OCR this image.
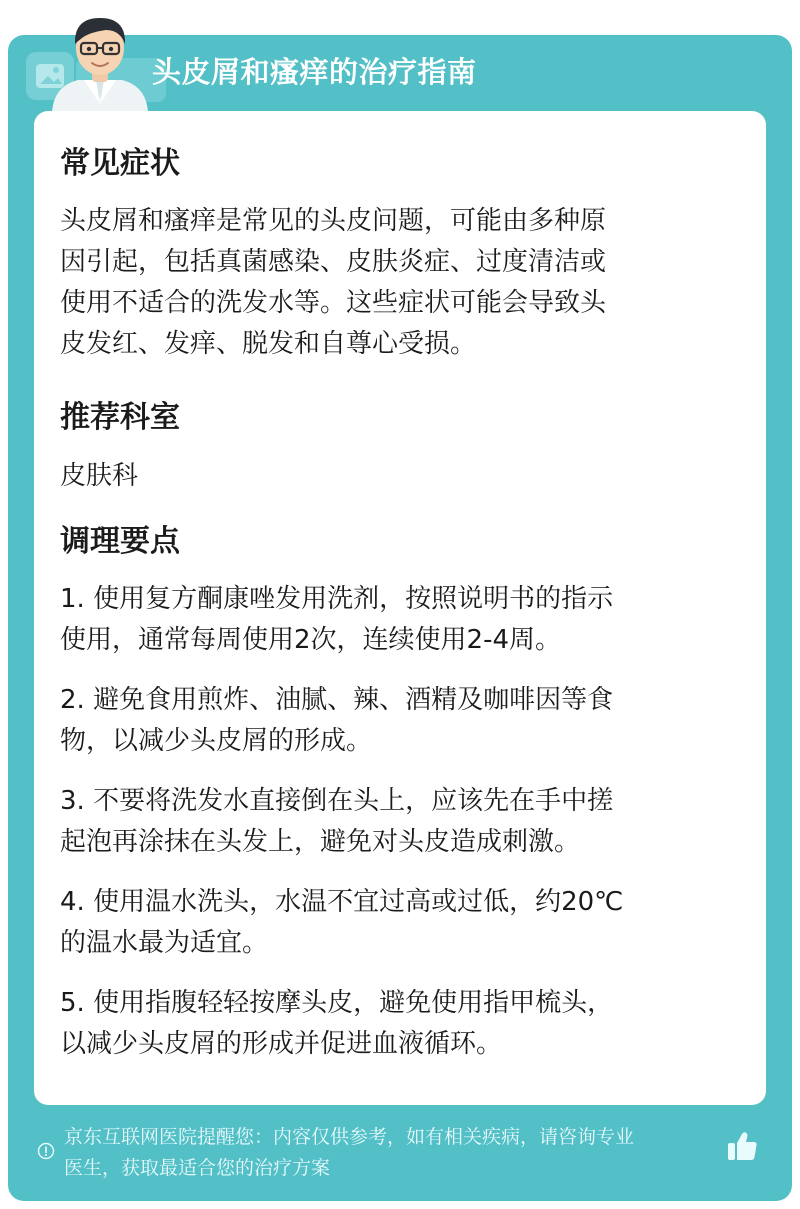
头皮屑和瘙痒的治疗指南
常见症状
头皮屑和瘙痒是常见的头皮问题，可能由多种原
因引起，包括真菌感染、皮肤炎症、过度清洁或
使用不适合的洗发水等。这些症状可能会导致头
皮发红、发痒、脱发和自尊心受损。
推荐科室
皮肤科
调理要点
1. 使用复方酮康唑发用洗剂，按照说明书的指示
使用，通常每周使用2次，连续使用2-4周。
2. 避免食用煎炸、油腻、辣、酒精及咖啡因等食
物，以减少头皮屑的形成。
3. 不要将洗发水直接倒在头上，应该先在手中搓
起泡再涂抹在头发上，避免对头皮造成刺激。
4. 使用温水洗头，水温不宜过高或过低，约20℃
的温水最为适宜。
5. 使用指腹轻轻按摩头皮，避免使用指甲梳头，
以减少头皮屑的形成并促进血液循环。
京东互联网医院提醒您：内容仅供参考，如有相关疾病，请咨询专业
医生，获取最适合您的治疗方案
